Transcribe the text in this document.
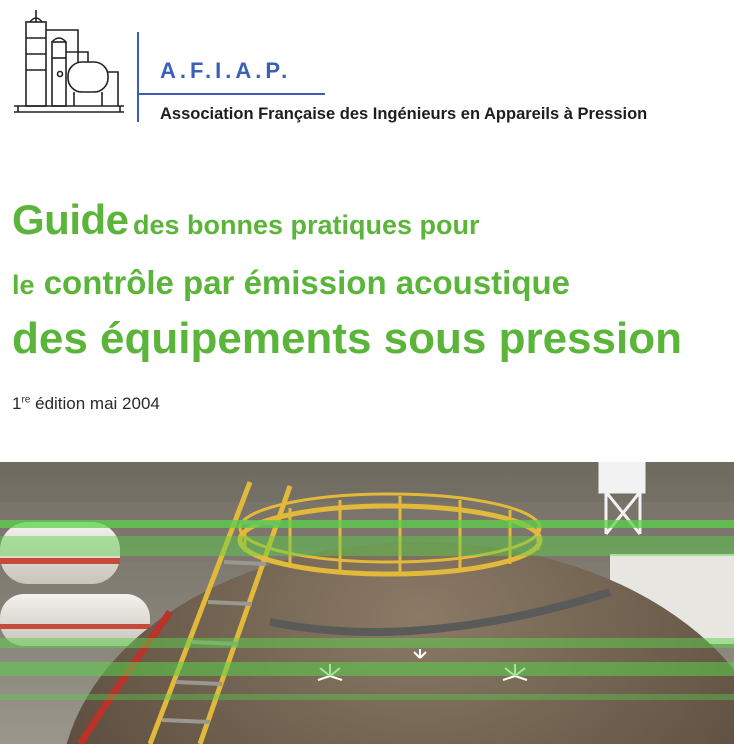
A.F.I.A.P.
Association Française des Ingénieurs en Appareils à Pression
Guide des bonnes pratiques pour
le contrôle par émission acoustique
des équipements sous pression
1re édition mai 2004
